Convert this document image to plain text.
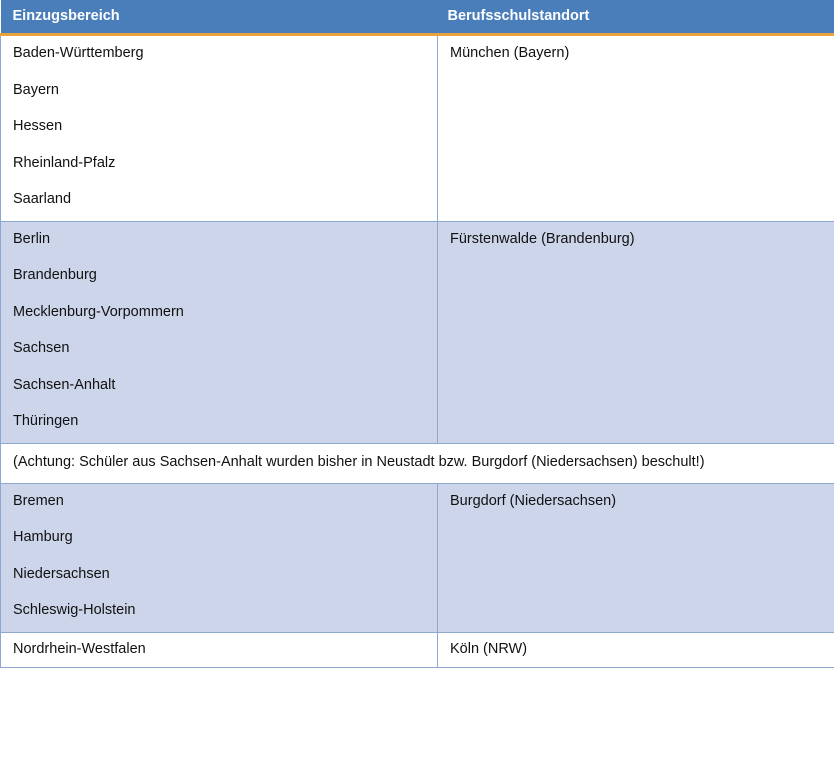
Einzugsbereich	Berufsschulstandort

Baden-Württemberg
Bayern
Hessen
Rheinland-Pfalz
Saarland

München (Bayern)

Berlin
Brandenburg
Mecklenburg-Vorpommern
Sachsen
Sachsen-Anhalt
Thüringen

Fürstenwalde (Brandenburg)

(Achtung: Schüler aus Sachsen-Anhalt wurden bisher in Neustadt bzw. Burgdorf (Niedersachsen) beschult!)	

Bremen
Hamburg
Niedersachsen
Schleswig-Holstein

Burgdorf (Niedersachsen)

Nordrhein-Westfalen	Köln (NRW)
